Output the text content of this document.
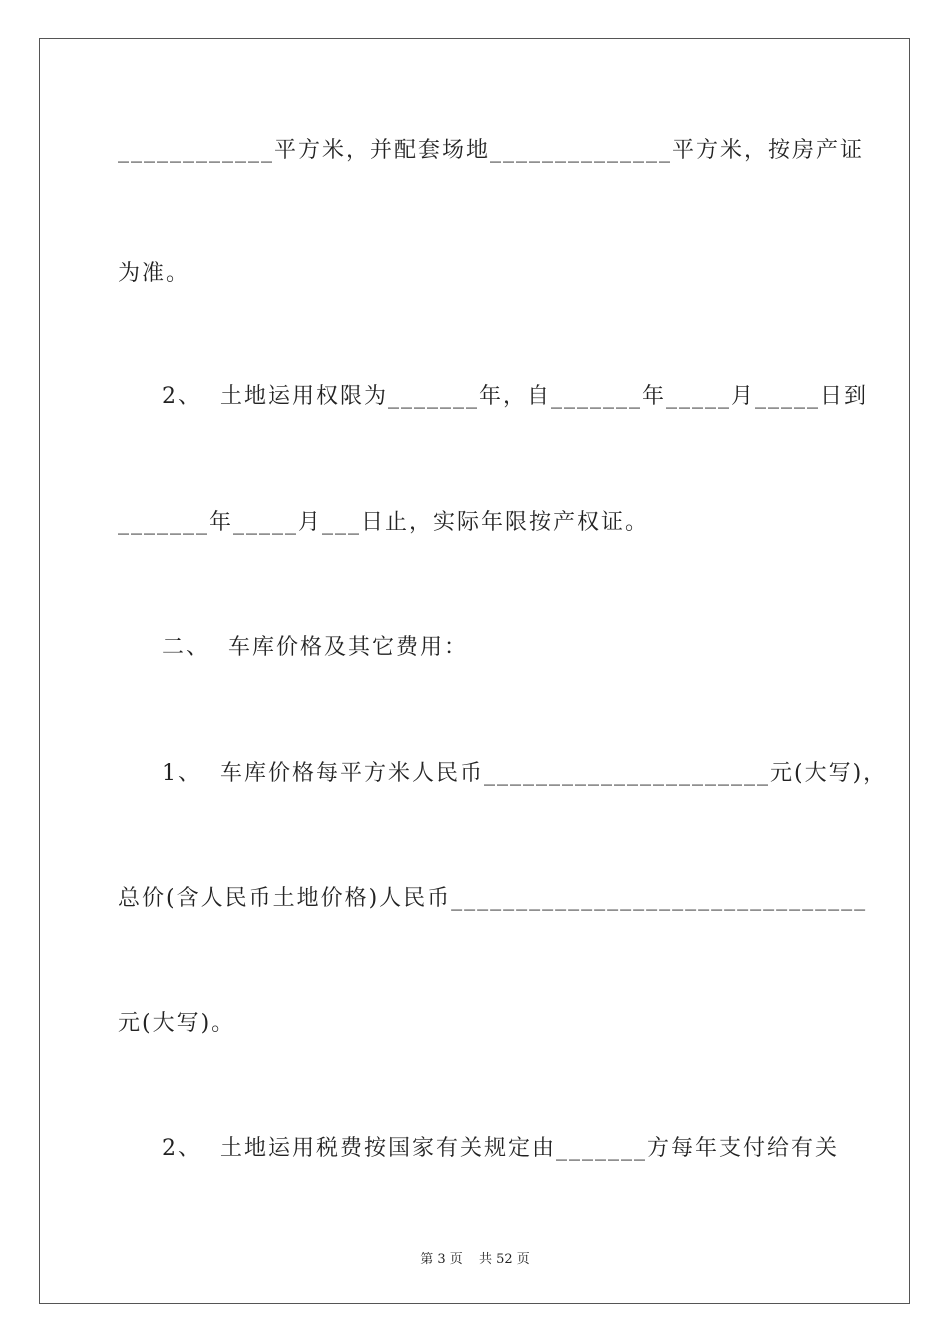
____________平方米，并配套场地______________平方米，按房产证
为准。
2、  土地运用权限为_______年，自_______年_____月_____日到
_______年_____月___日止，实际年限按产权证。
二、  车库价格及其它费用：
1、  车库价格每平方米人民币______________________元(大写)，
总价(含人民币土地价格)人民币________________________________
元(大写)。
2、  土地运用税费按国家有关规定由_______方每年支付给有关
第 3 页 共 52 页
